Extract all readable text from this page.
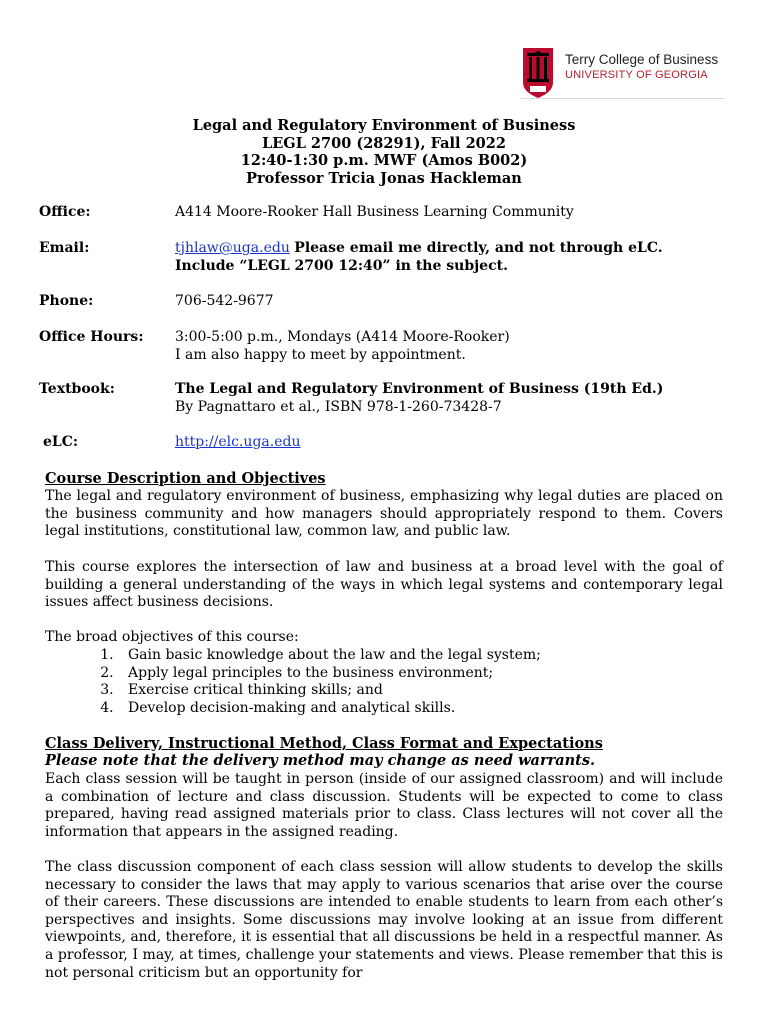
Terry College of Business
UNIVERSITY OF GEORGIA
Legal and Regulatory Environment of Business
LEGL 2700 (28291), Fall 2022
12:40-1:30 p.m. MWF (Amos B002)
Professor Tricia Jonas Hackleman
Office:	A414 Moore-Rooker Hall Business Learning Community
Email:	tjhlaw@uga.edu Please email me directly, and not through eLC.
Include “LEGL 2700 12:40” in the subject.
Phone:	706-542-9677
Office Hours: 3:00-5:00 p.m., Mondays (A414 Moore-Rooker)
I am also happy to meet by appointment.
Textbook:	The Legal and Regulatory Environment of Business (19th Ed.)
By Pagnattaro et al., ISBN 978-1-260-73428-7
eLC:	http://elc.uga.edu
Course Description and Objectives
The legal and regulatory environment of business, emphasizing why legal duties are placed on the business community and how managers should appropriately respond to them. Covers legal institutions, constitutional law, common law, and public law.
This course explores the intersection of law and business at a broad level with the goal of building a general understanding of the ways in which legal systems and contemporary legal issues affect business decisions.
The broad objectives of this course:
1. Gain basic knowledge about the law and the legal system;
2. Apply legal principles to the business environment;
3. Exercise critical thinking skills; and
4. Develop decision-making and analytical skills.
Class Delivery, Instructional Method, Class Format and Expectations
Please note that the delivery method may change as need warrants.
Each class session will be taught in person (inside of our assigned classroom) and will include a combination of lecture and class discussion. Students will be expected to come to class prepared, having read assigned materials prior to class. Class lectures will not cover all the information that appears in the assigned reading.
The class discussion component of each class session will allow students to develop the skills necessary to consider the laws that may apply to various scenarios that arise over the course of their careers. These discussions are intended to enable students to learn from each other’s perspectives and insights. Some discussions may involve looking at an issue from different viewpoints, and, therefore, it is essential that all discussions be held in a respectful manner. As a professor, I may, at times, challenge your statements and views. Please remember that this is not personal criticism but an opportunity for
